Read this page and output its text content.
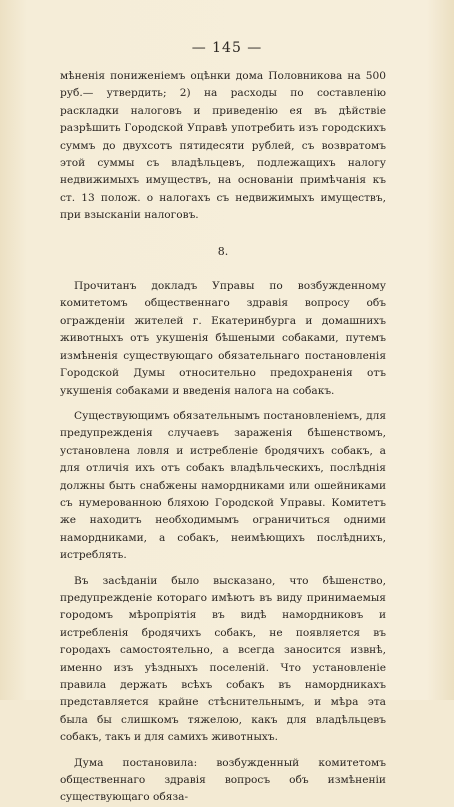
— 145 —

мѣненія пониженіемъ оцѣнки дома Половникова на 500 руб.— утвердить; 2) на расходы по составленію раскладки налоговъ и приведенію ея въ дѣйствіе разрѣшить Городской Управѣ употребить изъ городскихъ суммъ до двухсотъ пятидесяти рублей, съ возвратомъ этой суммы съ владѣльцевъ, подлежащихъ налогу недвижимыхъ имуществъ, на основаніи примѣчанія къ ст. 13 полож. о налогахъ съ недвижимыхъ имуществъ, при взысканіи налоговъ.

8.

Прочитанъ докладъ Управы по возбужденному комитетомъ общественнаго здравія вопросу объ огражденіи жителей г. Екатеринбурга и домашнихъ животныхъ отъ укушенія бѣшеными собаками, путемъ измѣненія существующаго обязательнаго постановленія Городской Думы относительно предохраненія отъ укушенія собаками и введенія налога на собакъ.

Существующимъ обязательнымъ постановленіемъ, для предупрежденія случаевъ зараженія бѣшенствомъ, установлена ловля и истребленіе бродячихъ собакъ, а для отличія ихъ отъ собакъ владѣльческихъ, послѣднія должны быть снабжены намордниками или ошейниками съ нумерованною бляхою Городской Управы. Комитетъ же находитъ необходимымъ ограничиться одними намордниками, а собакъ, неимѣющихъ послѣднихъ, истреблять.

Въ засѣданіи было высказано, что бѣшенство, предупрежденіе котораго имѣютъ въ виду принимаемыя городомъ мѣропріятія въ видѣ намордниковъ и истребленія бродячихъ собакъ, не появляется въ городахъ самостоятельно, а всегда заносится извнѣ, именно изъ уѣздныхъ поселеній. Что установленіе правила держать всѣхъ собакъ въ намордникахъ представляется крайне стѣснительнымъ, и мѣра эта была бы слишкомъ тяжелою, какъ для владѣльцевъ собакъ, такъ и для самихъ животныхъ.

Дума постановила: возбужденный комитетомъ общественнаго здравія вопросъ объ измѣненіи существующаго обяза-
